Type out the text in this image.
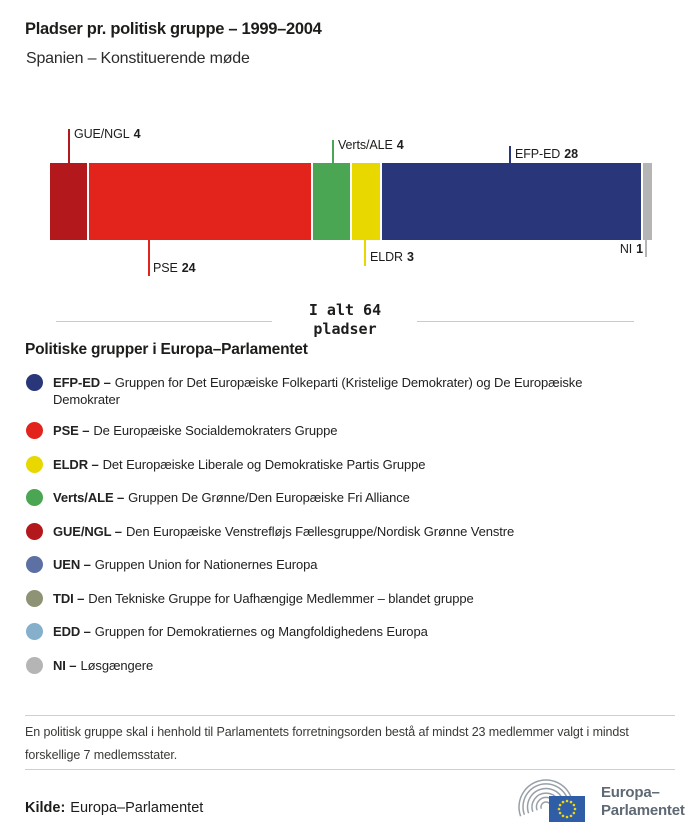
Pladser pr. politisk gruppe – 1999–2004
Spanien – Konstituerende møde
GUE/NGL 4
Verts/ALE 4
EFP-ED 28
PSE 24
ELDR 3
NI 1
I alt 64
pladser
Politiske grupper i Europa–Parlamentet
EFP-ED – Gruppen for Det Europæiske Folkeparti (Kristelige Demokrater) og De Europæiske Demokrater
PSE – De Europæiske Socialdemokraters Gruppe
ELDR – Det Europæiske Liberale og Demokratiske Partis Gruppe
Verts/ALE – Gruppen De Grønne/Den Europæiske Fri Alliance
GUE/NGL – Den Europæiske Venstrefløjs Fællesgruppe/Nordisk Grønne Venstre
UEN – Gruppen Union for Nationernes Europa
TDI – Den Tekniske Gruppe for Uafhængige Medlemmer – blandet gruppe
EDD – Gruppen for Demokratiernes og Mangfoldighedens Europa
NI – Løsgængere

En politisk gruppe skal i henhold til Parlamentets forretningsorden bestå af mindst 23 medlemmer valgt i mindst forskellige 7 medlemsstater.

Kilde: Europa–Parlamentet
Europa–
Parlamentet
